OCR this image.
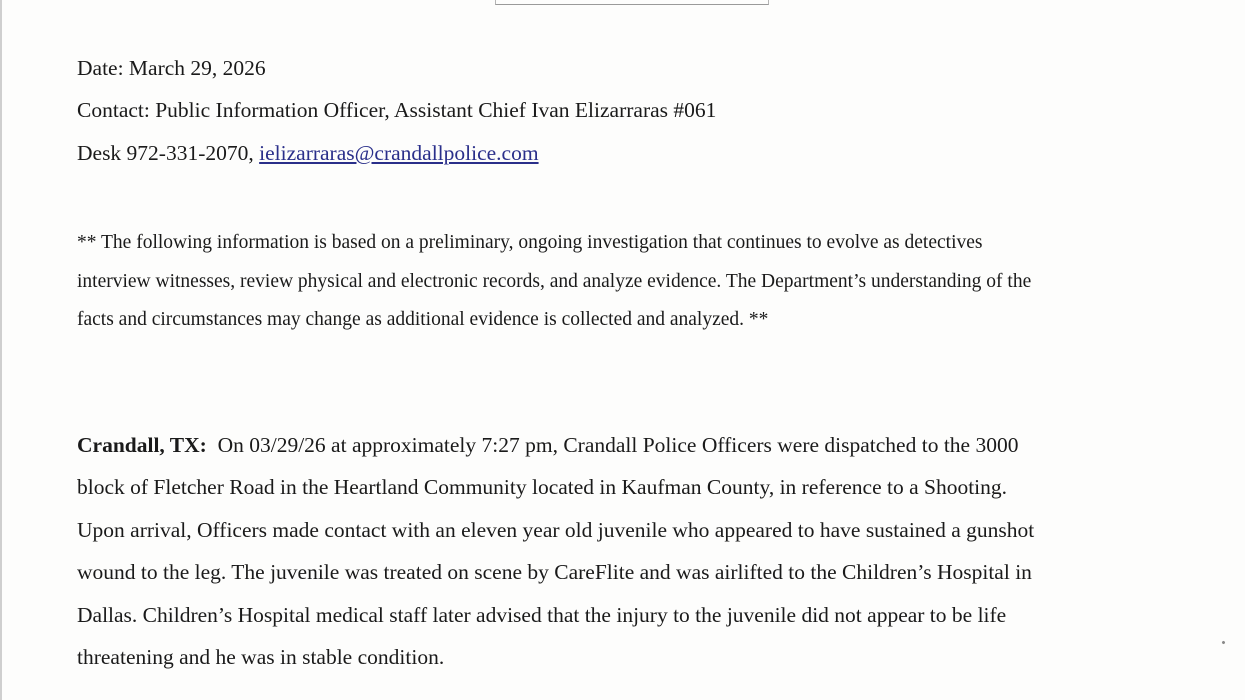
Date: March 29, 2026
Contact: Public Information Officer, Assistant Chief Ivan Elizarraras #061
Desk 972-331-2070, ielizarraras@crandallpolice.com
** The following information is based on a preliminary, ongoing investigation that continues to evolve as detectives
interview witnesses, review physical and electronic records, and analyze evidence. The Department’s understanding of the
facts and circumstances may change as additional evidence is collected and analyzed. **
Crandall, TX:  On 03/29/26 at approximately 7:27 pm, Crandall Police Officers were dispatched to the 3000
block of Fletcher Road in the Heartland Community located in Kaufman County, in reference to a Shooting.
Upon arrival, Officers made contact with an eleven year old juvenile who appeared to have sustained a gunshot
wound to the leg. The juvenile was treated on scene by CareFlite and was airlifted to the Children’s Hospital in
Dallas. Children’s Hospital medical staff later advised that the injury to the juvenile did not appear to be life
threatening and he was in stable condition.
